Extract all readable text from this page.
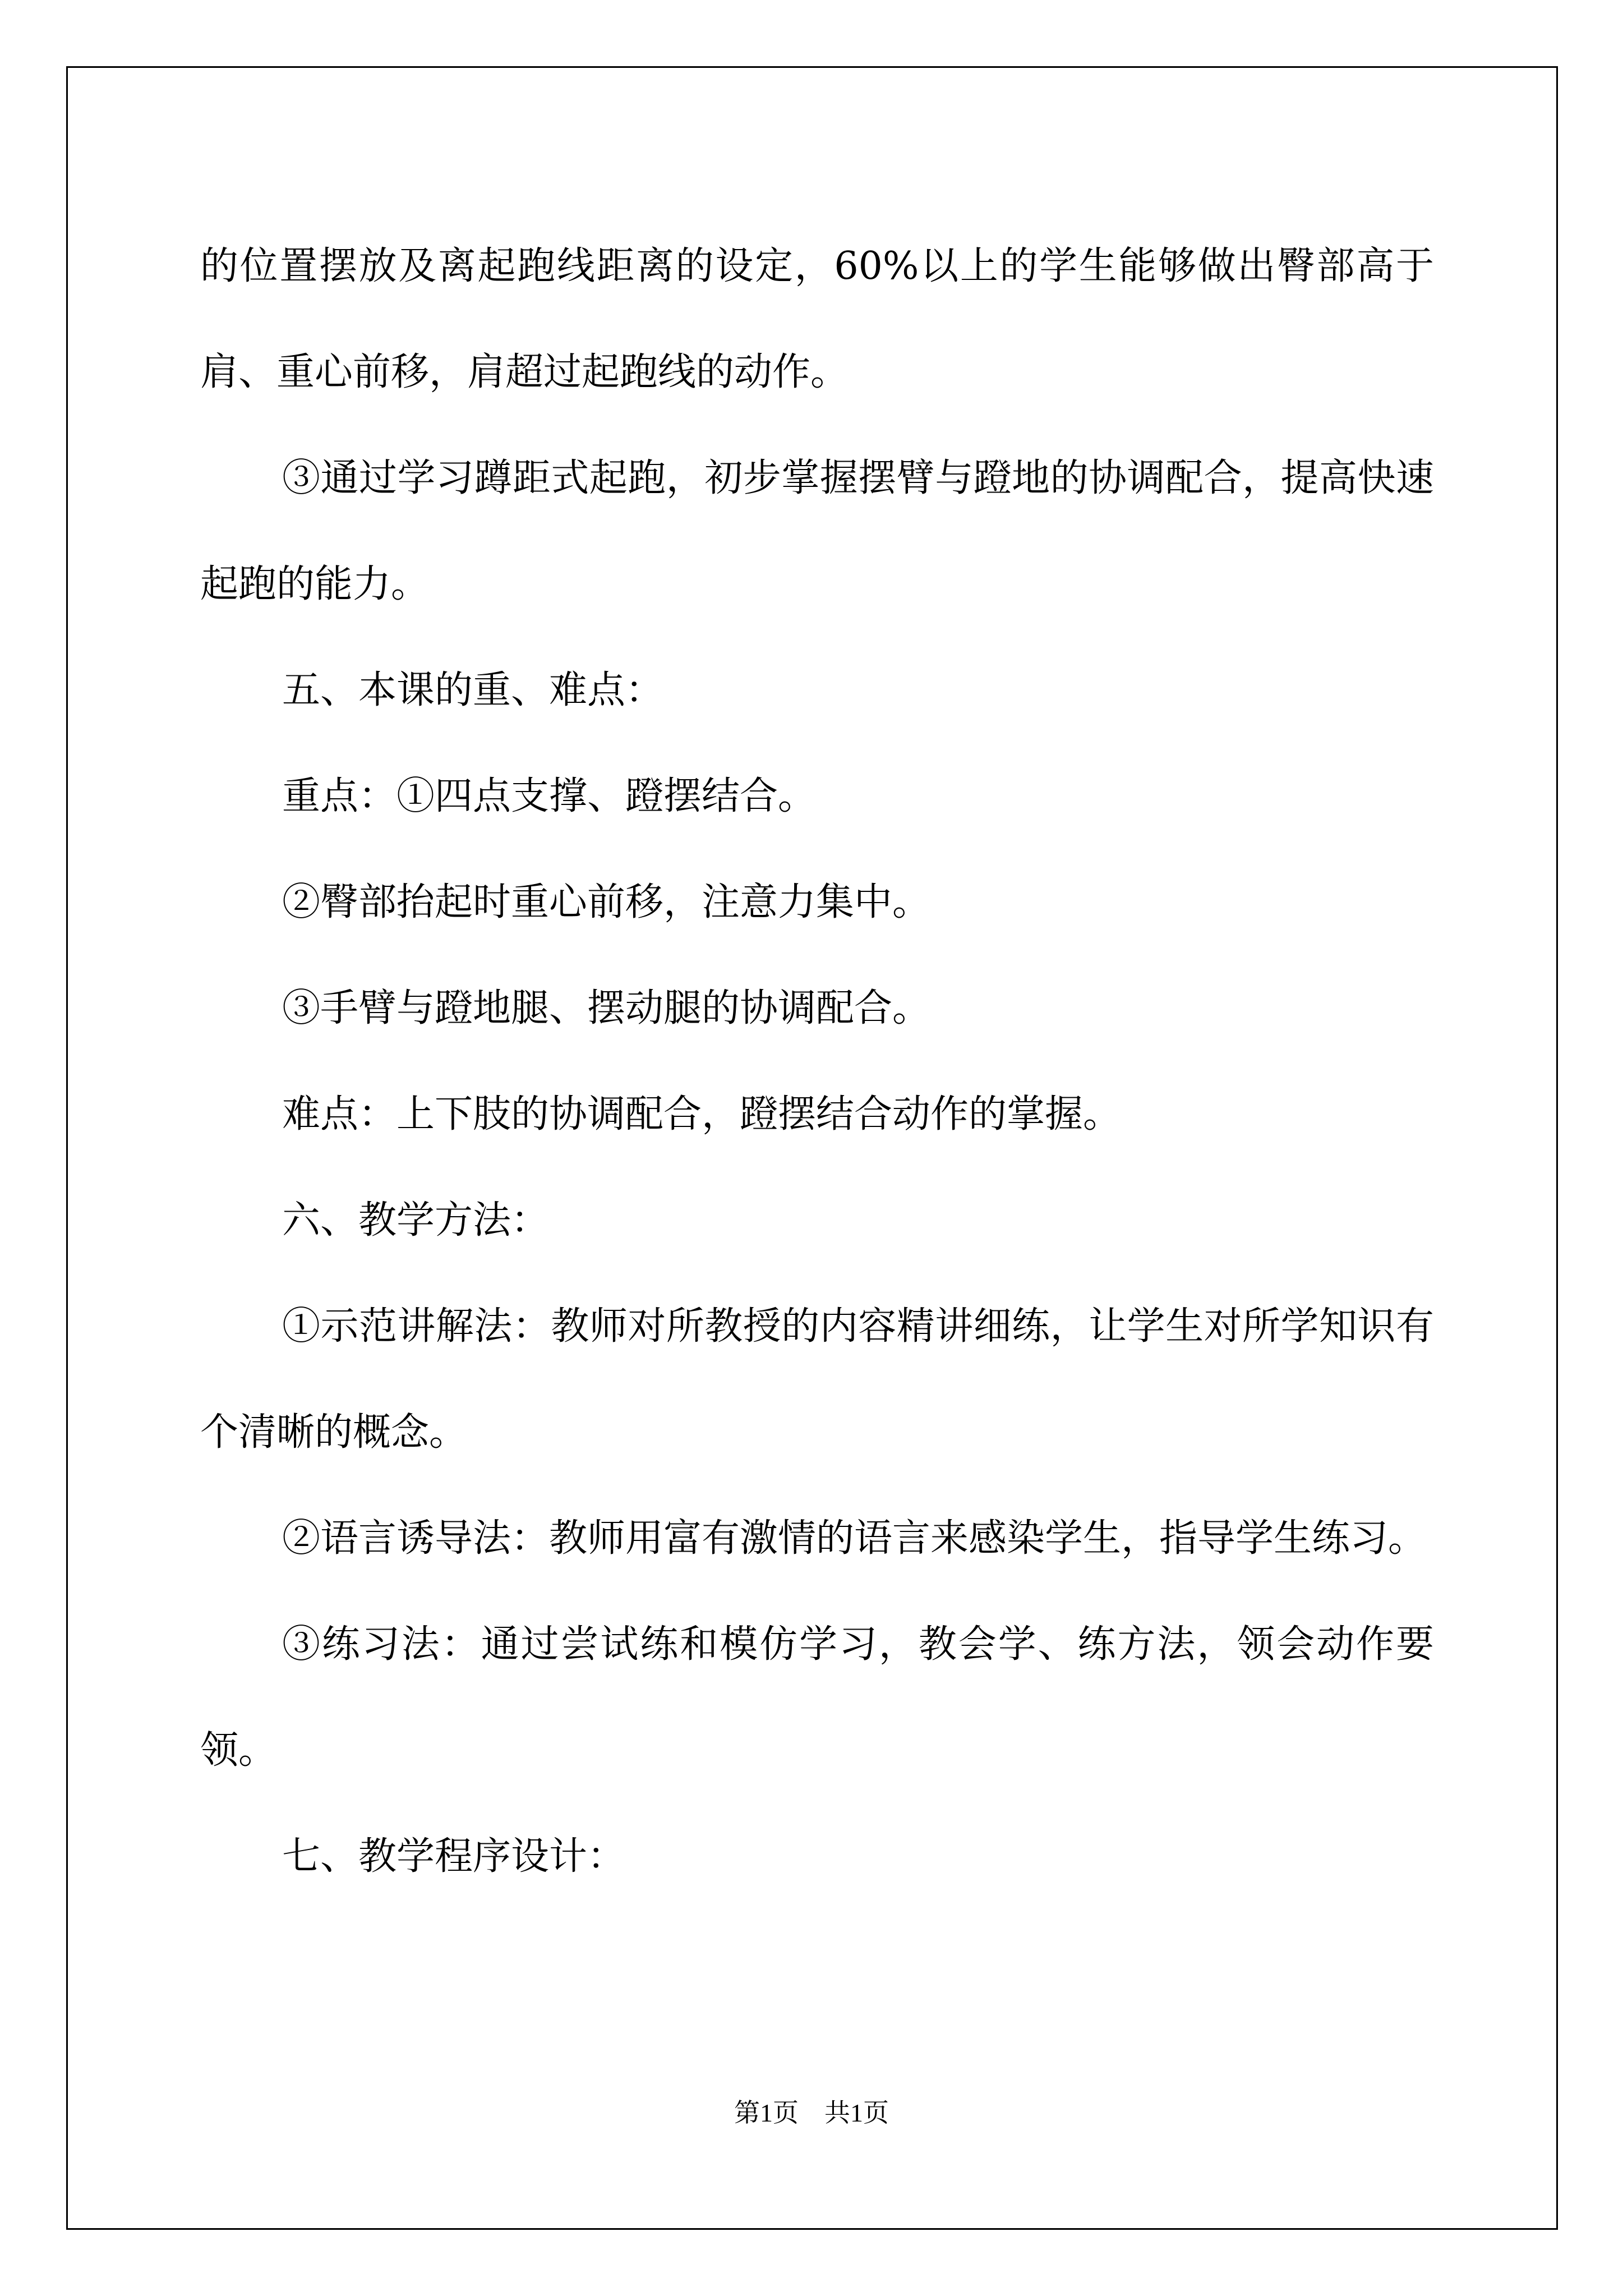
的位置摆放及离起跑线距离的设定，60%以上的学生能够做出臀部高于肩、重心前移，肩超过起跑线的动作。

③通过学习蹲距式起跑，初步掌握摆臂与蹬地的协调配合，提高快速起跑的能力。

五、本课的重、难点：

重点：①四点支撑、蹬摆结合。

②臀部抬起时重心前移，注意力集中。

③手臂与蹬地腿、摆动腿的协调配合。

难点：上下肢的协调配合，蹬摆结合动作的掌握。

六、教学方法：

①示范讲解法：教师对所教授的内容精讲细练，让学生对所学知识有个清晰的概念。

②语言诱导法：教师用富有激情的语言来感染学生，指导学生练习。

③练习法：通过尝试练和模仿学习，教会学、练方法，领会动作要领。

七、教学程序设计：

第1页　共1页
